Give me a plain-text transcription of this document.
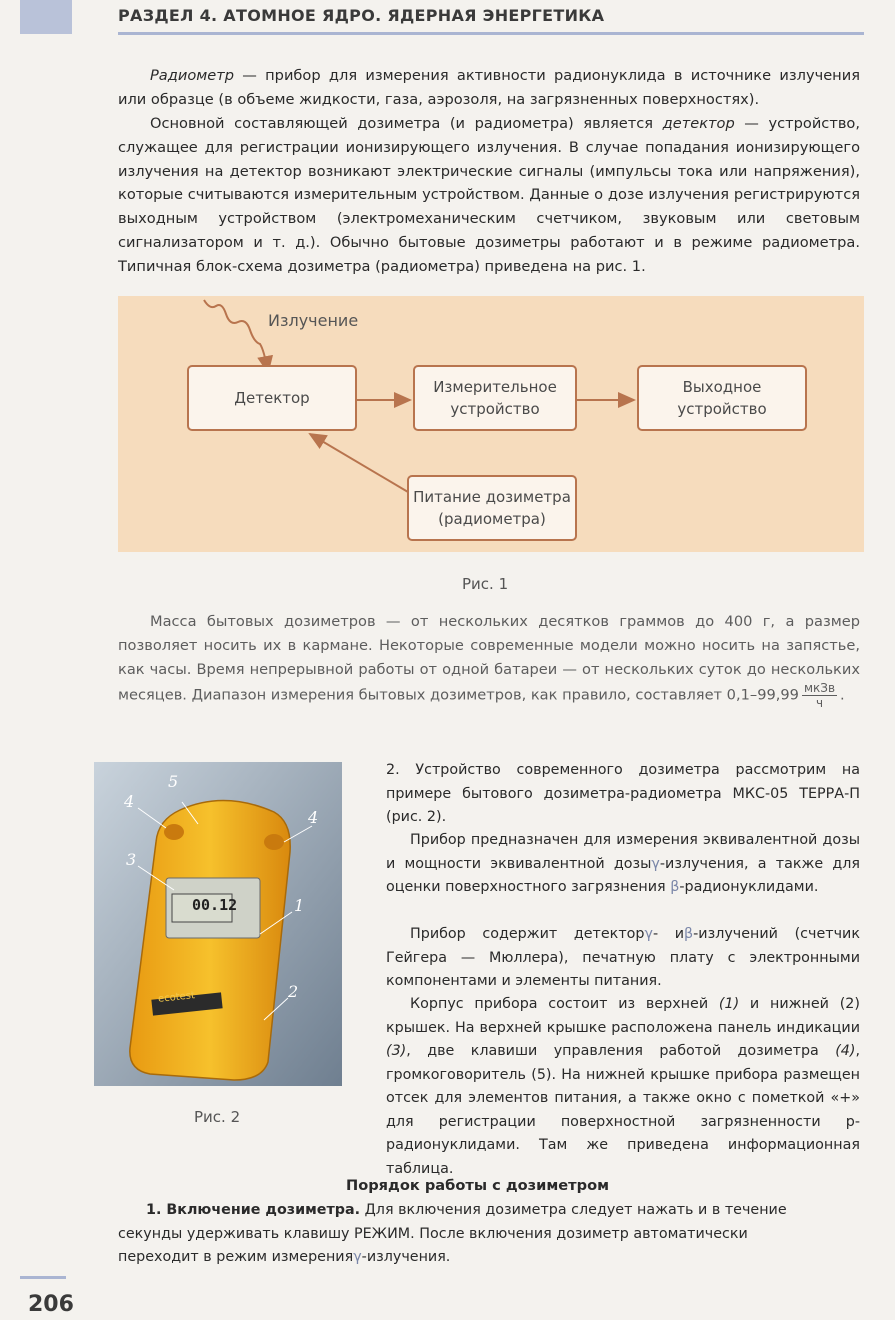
РАЗДЕЛ 4. АТОМНОЕ ЯДРО. ЯДЕРНАЯ ЭНЕРГЕТИКА

Радиометр — прибор для измерения активности радионуклида в источнике излучения или образце (в объеме жидкости, газа, аэрозоля, на загрязненных поверхностях).

Основной составляющей дозиметра (и радиометра) является детектор — устройство, служащее для регистрации ионизирующего излучения. В случае попадания ионизирующего излучения на детектор возникают электрические сигналы (импульсы тока или напряжения), которые считываются измерительным устройством. Данные о дозе излучения регистрируются выходным устройством (электромеханическим счетчиком, звуковым или световым сигнализатором и т. д.). Обычно бытовые дозиметры работают и в режиме радиометра. Типичная блок-схема дозиметра (радиометра) приведена на рис. 1.

Излучение
Детектор
Измерительное
устройство
Выходное
устройство
Питание дозиметра
(радиометра)
Рис. 1

Масса бытовых дозиметров — от нескольких десятков граммов до 400 г, а размер позволяет носить их в кармане. Некоторые современные модели можно носить на запястье, как часы. Время непрерывной работы от одной батареи — от нескольких суток до нескольких месяцев. Диапазон измерения бытовых дозиметров, как правило, составляет $0,1-99,99 \frac{\text{мкЗв}}{ч}$ .

00.12
ecotest
5
4
4
3
1
2
Рис. 2

2. Устройство современного дозиметра рассмотрим на примере бытового дозиметра-радиометра МКС-05 ТЕРРА-П (рис. 2).

Прибор предназначен для измерения эквивалентной дозы и мощности эквивалентной дозыγ-излучения, а также для оценки поверхностного загрязнения β-радионуклидами.

Прибор содержит детекторγ- иβ-излучений (счетчик Гейгера — Мюллера), печатную плату с электронными компонентами и элементы питания.

Корпус прибора состоит из верхней (1) и нижней (2) крышек. На верхней крышке расположена панель индикации (3), две клавиши управления работой дозиметра (4), громкоговоритель (5). На нижней крышке прибора размещен отсек для элементов питания, а также окно с пометкой «+» для регистрации поверхностной загрязненности р-радионуклидами. Там же приведена информационная таблица.

Порядок работы с дозиметром

1. Включение дозиметра. Для включения дозиметра следует нажать и в течение секунды удерживать клавишу РЕЖИМ. После включения дозиметр автоматически переходит в режим измеренияγ-излучения.

206
